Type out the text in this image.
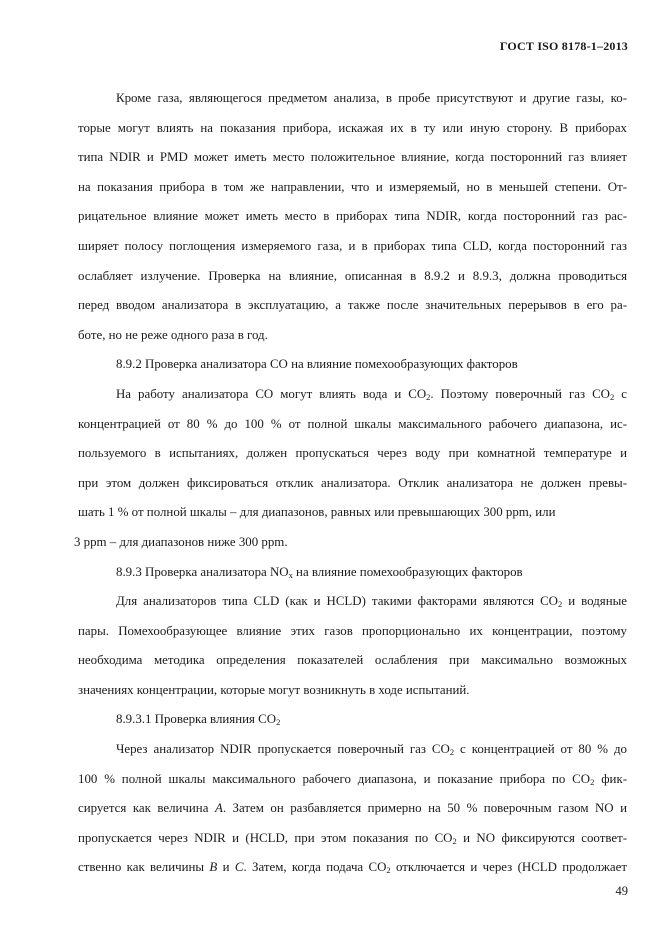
ГОСТ ISO 8178-1–2013
Кроме газа, являющегося предметом анализа, в пробе присутствуют и другие газы, ко-
торые могут влиять на показания прибора, искажая их в ту или иную сторону. В приборах
типа NDIR и PMD может иметь место положительное влияние, когда посторонний газ влияет
на показания прибора в том же направлении, что и измеряемый, но в меньшей степени. От-
рицательное влияние может иметь место в приборах типа NDIR, когда посторонний газ рас-
ширяет полосу поглощения измеряемого газа, и в приборах типа CLD, когда посторонний газ
ослабляет излучение. Проверка на влияние, описанная в 8.9.2 и 8.9.3, должна проводиться
перед вводом анализатора в эксплуатацию, а также после значительных перерывов в его ра-
боте, но не реже одного раза в год.
8.9.2 Проверка анализатора CO на влияние помехообразующих факторов
На работу анализатора CO могут влиять вода и $CO_2$. Поэтому поверочный газ $CO_2$ с
концентрацией от 80 % до 100 % от полной шкалы максимального рабочего диапазона, ис-
пользуемого в испытаниях, должен пропускаться через воду при комнатной температуре и
при этом должен фиксироваться отклик анализатора. Отклик анализатора не должен превы-
шать 1 % от полной шкалы – для диапазонов, равных или превышающих 300 ppm, или
3 ppm – для диапазонов ниже 300 ppm.
8.9.3 Проверка анализатора $NO_x$ на влияние помехообразующих факторов
Для анализаторов типа CLD (как и HCLD) такими факторами являются $CO_2$ и водяные
пары. Помехообразующее влияние этих газов пропорционально их концентрации, поэтому
необходима методика определения показателей ослабления при максимально возможных
значениях концентрации, которые могут возникнуть в ходе испытаний.
8.9.3.1 Проверка влияния $CO_2$
Через анализатор NDIR пропускается поверочный газ $CO_2$ с концентрацией от 80 % до
100 % полной шкалы максимального рабочего диапазона, и показание прибора по $CO_2$ фик-
сируется как величина A. Затем он разбавляется примерно на 50 % поверочным газом NO и
пропускается через NDIR и (HCLD, при этом показания по $CO_2$ и NO фиксируются соответ-
ственно как величины B и C. Затем, когда подача $CO_2$ отключается и через (HCLD продолжает
49
